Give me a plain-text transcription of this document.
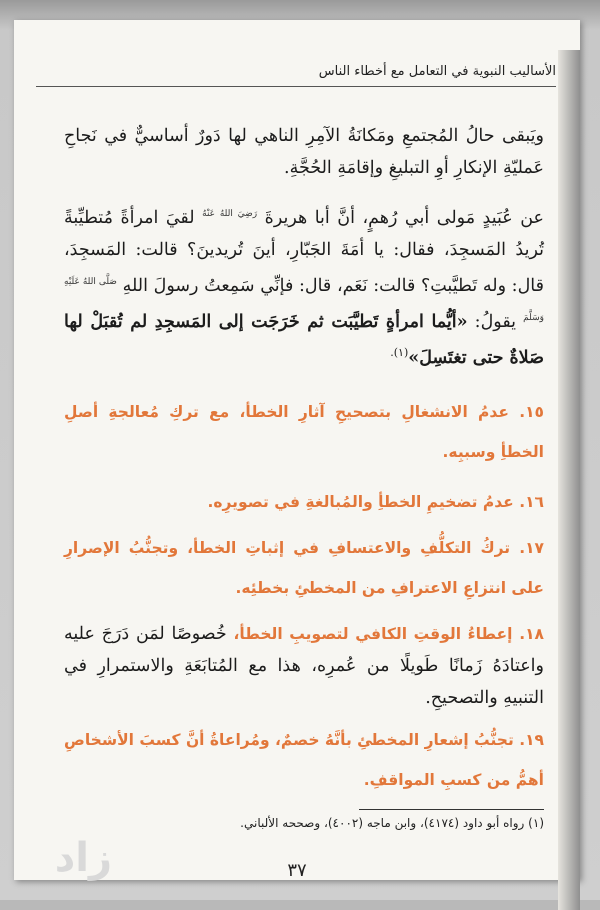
الأساليب النبوية في التعامل مع أخطاء الناس
ويَبقى حالُ المُجتمعِ ومَكانَةُ الآمِرِ الناهي لها دَورٌ أساسيٌّ في نَجاحِ عَمليّةِ الإنكارِ أوِ التبليغِ وإقامَةِ الحُجَّةِ.
عن عُبَيدٍ مَولى أبي رُهمٍ، أنَّ أبا هريرةَ $^{رَضِيَ اللهُ عَنْهُ}$ لقيَ امرأةً مُتطيِّبةً تُريدُ المَسجِدَ، فقال: يا أمَةَ الجَبّارِ، أينَ تُريدينَ؟ قالت: المَسجِدَ، قال: وله تَطيَّبتِ؟ قالت: نَعَم، قال: فإنِّي سَمِعتُ رسولَ اللهِ $^{صَلَّى اللهُ عَلَيْهِ وَسَلَّمَ}$ يقولُ: «أيُّما امرأةٍ تَطيَّبَت ثم خَرَجَت إلى المَسجِدِ لم تُقبَلْ لها صَلاةٌ حتى تغتَسِلَ»$^{(١).}$
١٥. عدمُ الانشغالِ بتصحيحِ آثارِ الخطأ، مع تركِ مُعالجةِ أصلِ الخطأِ وسببِه.
١٦. عدمُ تضخيمِ الخطأِ والمُبالغةِ في تصويرِه.
١٧. تركُ التكلُّفِ والاعتسافِ في إثباتِ الخطأ، وتجنُّبُ الإصرارِ على انتزاعِ الاعترافِ من المخطئِ بخطئِه.
١٨. إعطاءُ الوقتِ الكافي لتصويبِ الخطأ، خُصوصًا لمَن دَرَجَ عليه واعتادَهُ زَمانًا طَويلًا من عُمرِه، هذا مع المُتابَعَةِ والاستمرارِ في التنبيهِ والتصحيحِ.
١٩. تجنُّبُ إشعارِ المخطئِ بأنَّهُ خصمٌ، ومُراعاةُ أنَّ كسبَ الأشخاصِ أهمُّ من كسبِ المواقفِ.
(١) رواه أبو داود (٤١٧٤)، وابن ماجه (٤٠٠٢)، وصححه الألباني.
زاد	٣٧
